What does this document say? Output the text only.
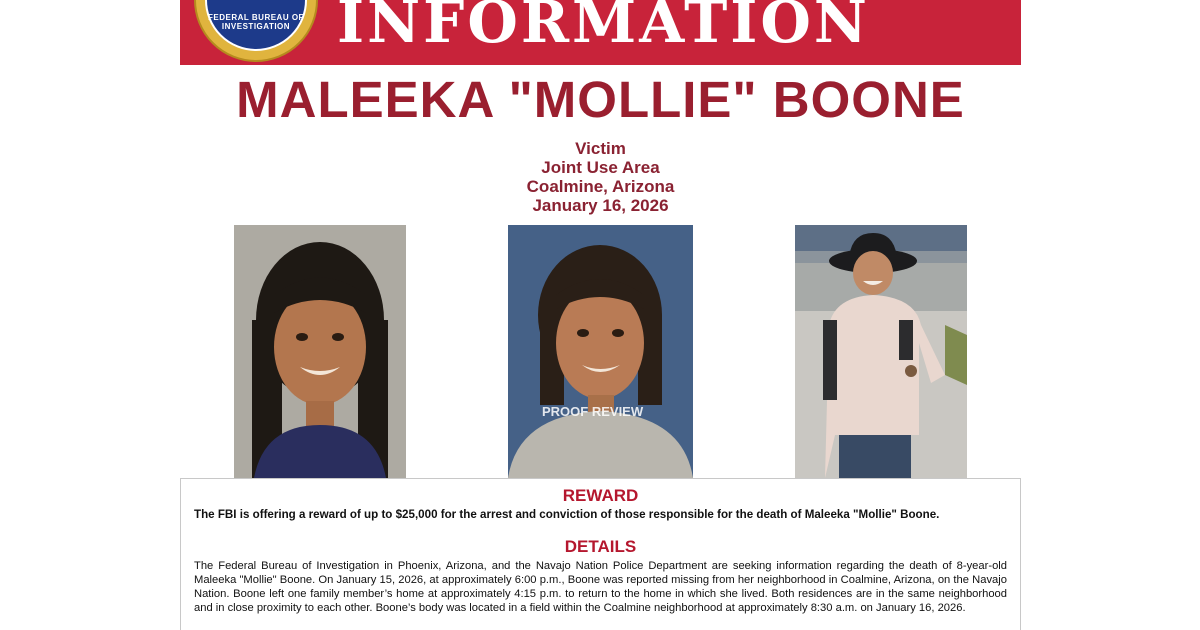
FEDERAL BUREAU OF INVESTIGATION INFORMATION
MALEEKA "MOLLIE" BOONE
Victim
Joint Use Area
Coalmine, Arizona
January 16, 2026
PROOF REVIEW
REWARD
The FBI is offering a reward of up to $25,000 for the arrest and conviction of those responsible for the death of Maleeka "Mollie" Boone.
DETAILS
The Federal Bureau of Investigation in Phoenix, Arizona, and the Navajo Nation Police Department are seeking information regarding the death of 8-year-old Maleeka "Mollie" Boone. On January 15, 2026, at approximately 6:00 p.m., Boone was reported missing from her neighborhood in Coalmine, Arizona, on the Navajo Nation. Boone left one family member’s home at approximately 4:15 p.m. to return to the home in which she lived. Both residences are in the same neighborhood and in close proximity to each other. Boone’s body was located in a field within the Coalmine neighborhood at approximately 8:30 a.m. on January 16, 2026.
